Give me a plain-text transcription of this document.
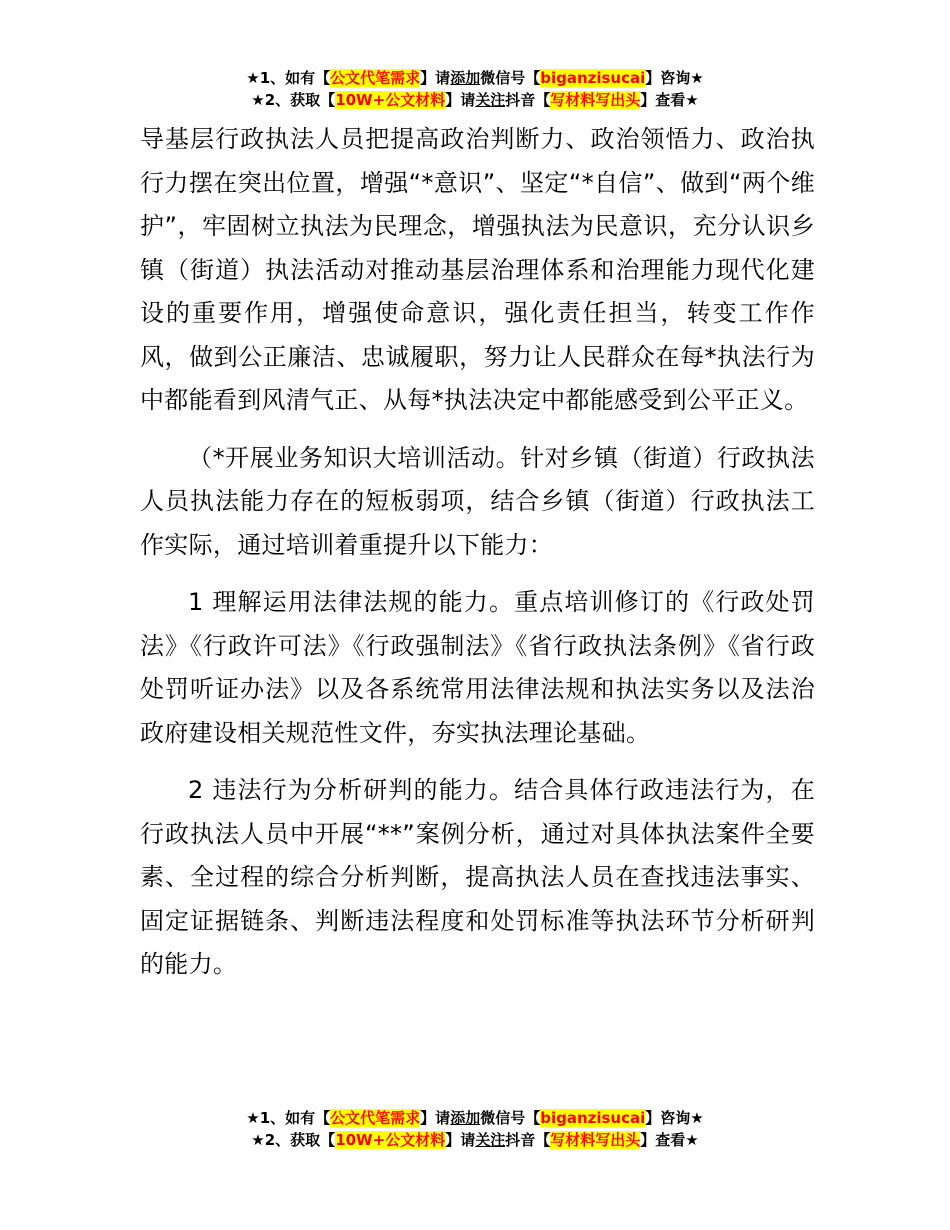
★1、如有【公文代笔需求】请添加微信号【biganzisucai】咨询★
★2、获取【10W+公文材料】请关注抖音【写材料写出头】查看★

导基层行政执法人员把提高政治判断力、政治领悟力、政治执行力摆在突出位置，增强“*意识”、坚定“*自信”、做到“两个维护”，牢固树立执法为民理念，增强执法为民意识，充分认识乡镇（街道）执法活动对推动基层治理体系和治理能力现代化建设的重要作用，增强使命意识，强化责任担当，转变工作作风，做到公正廉洁、忠诚履职，努力让人民群众在每*执法行为中都能看到风清气正、从每*执法决定中都能感受到公平正义。

（*开展业务知识大培训活动。针对乡镇（街道）行政执法人员执法能力存在的短板弱项，结合乡镇（街道）行政执法工作实际，通过培训着重提升以下能力：

1 理解运用法律法规的能力。重点培训修订的《行政处罚法》《行政许可法》《行政强制法》《省行政执法条例》《省行政处罚听证办法》以及各系统常用法律法规和执法实务以及法治政府建设相关规范性文件，夯实执法理论基础。

2 违法行为分析研判的能力。结合具体行政违法行为，在行政执法人员中开展“**”案例分析，通过对具体执法案件全要素、全过程的综合分析判断，提高执法人员在查找违法事实、固定证据链条、判断违法程度和处罚标准等执法环节分析研判的能力。

★1、如有【公文代笔需求】请添加微信号【biganzisucai】咨询★
★2、获取【10W+公文材料】请关注抖音【写材料写出头】查看★
